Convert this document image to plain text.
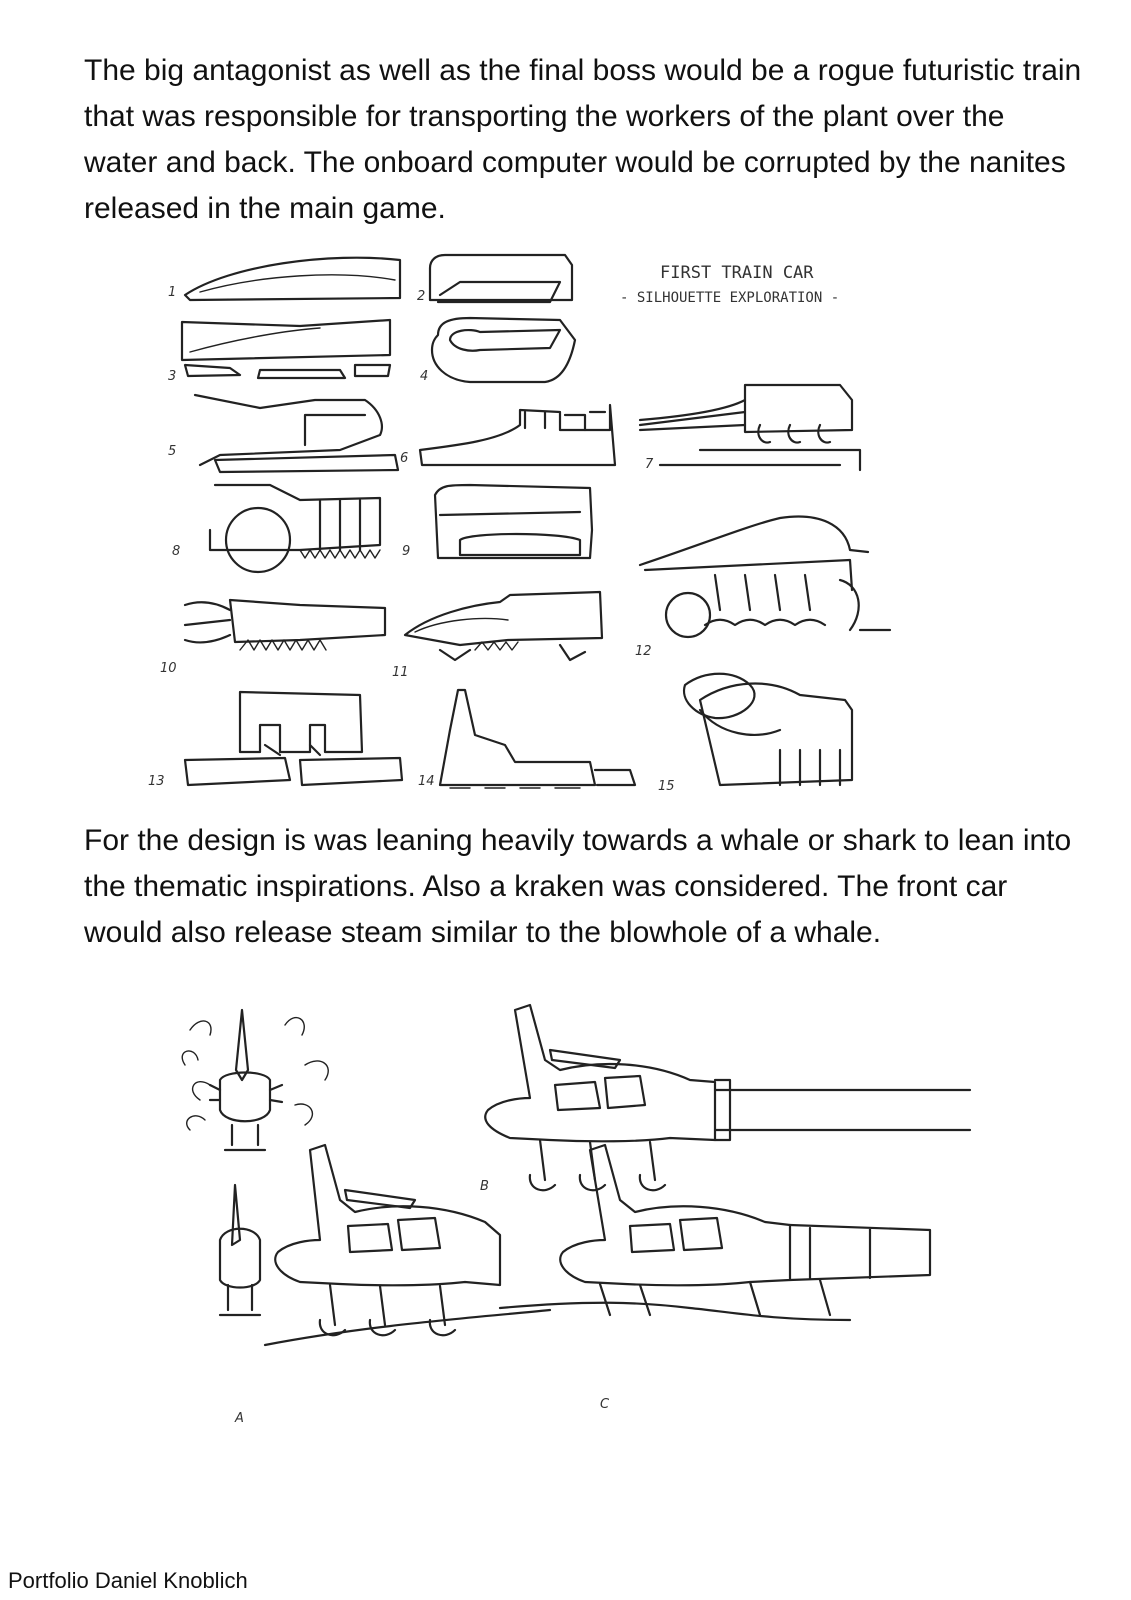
The big antagonist as well as the final boss would be a rogue futuristic train that was responsible for transporting the workers of the plant over the water and back. The onboard computer would be corrupted by the nanites released in the main game.

FIRST TRAIN CAR
- SILHOUETTE EXPLORATION -
1	2
3	4
5	6	7
8	9
10	11
12
13	14	15

For the design is was leaning heavily towards a whale or shark to lean into the thematic inspirations. Also a kraken was considered. The front car would also release steam similar to the blowhole of a whale.

B
A
C
Portfolio Daniel Knoblich
